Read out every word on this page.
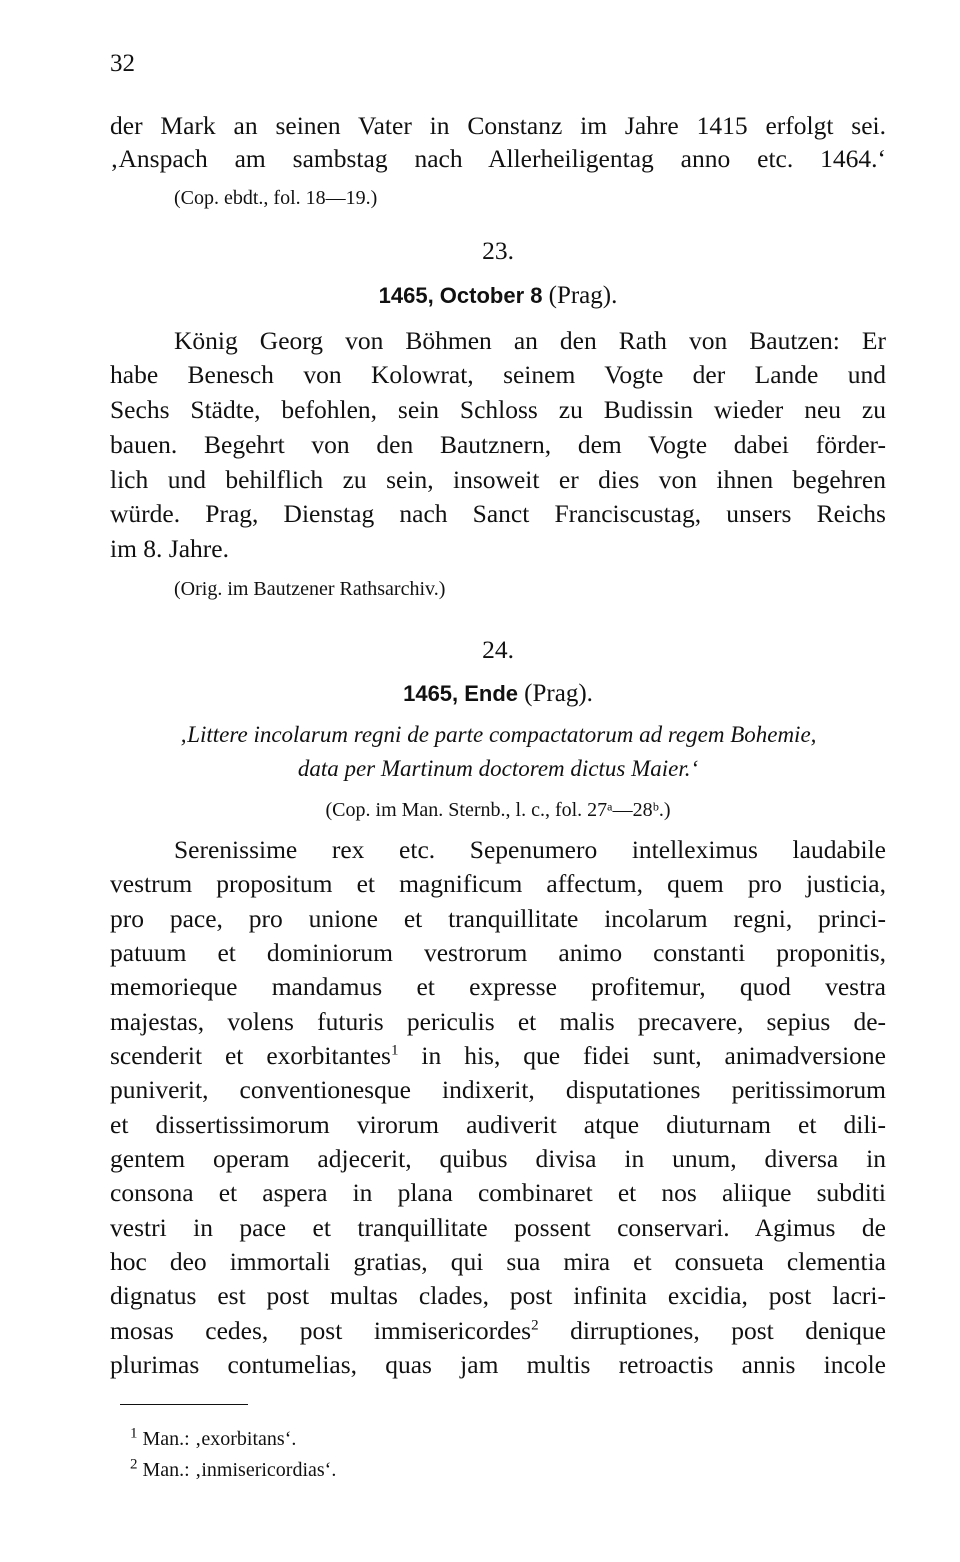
32
der Mark an seinen Vater in Constanz im Jahre 1415 erfolgt sei.
‚Anspach am sambstag nach Allerheiligentag anno etc. 1464.‘
(Cop. ebdt., fol. 18—19.)
23.
1465, October 8 (Prag).
König Georg von Böhmen an den Rath von Bautzen: Er
habe Benesch von Kolowrat, seinem Vogte der Lande und
Sechs Städte, befohlen, sein Schloss zu Budissin wieder neu zu
bauen. Begehrt von den Bautznern, dem Vogte dabei förder-
lich und behilflich zu sein, insoweit er dies von ihnen begehren
würde. Prag, Dienstag nach Sanct Franciscustag, unsers Reichs
im 8. Jahre.
(Orig. im Bautzener Rathsarchiv.)
24.
1465, Ende (Prag).
‚Littere incolarum regni de parte compactatorum ad regem Bohemie,
data per Martinum doctorem dictus Maier.‘
(Cop. im Man. Sternb., l. c., fol. 27ᵃ—28ᵇ.)
Serenissime rex etc. Sepenumero intelleximus laudabile
vestrum propositum et magnificum affectum, quem pro justicia,
pro pace, pro unione et tranquillitate incolarum regni, princi-
patuum et dominiorum vestrorum animo constanti proponitis,
memorieque mandamus et expresse profitemur, quod vestra
majestas, volens futuris periculis et malis precavere, sepius de-
scenderit et exorbitantes$^1$ in his, que fidei sunt, animadversione
puniverit, conventionesque indixerit, disputationes peritissimorum
et dissertissimorum virorum audiverit atque diuturnam et dili-
gentem operam adjecerit, quibus divisa in unum, diversa in
consona et aspera in plana combinaret et nos aliique subditi
vestri in pace et tranquillitate possent conservari. Agimus de
hoc deo immortali gratias, qui sua mira et consueta clementia
dignatus est post multas clades, post infinita excidia, post lacri-
mosas cedes, post immisericordes$^2$ dirruptiones, post denique
plurimas contumelias, quas jam multis retroactis annis incole
$^1$ Man.: ‚exorbitans‘.
$^2$ Man.: ‚inmisericordias‘.
